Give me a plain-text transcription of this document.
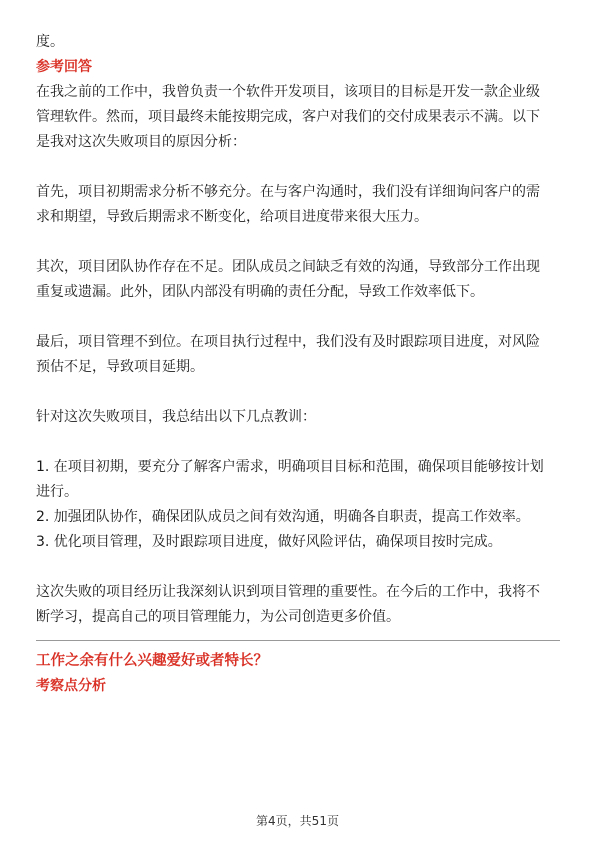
度。
参考回答
在我之前的工作中，我曾负责一个软件开发项目，该项目的目标是开发一款企业级
管理软件。然而，项目最终未能按期完成，客户对我们的交付成果表示不满。以下
是我对这次失败项目的原因分析：
首先，项目初期需求分析不够充分。在与客户沟通时，我们没有详细询问客户的需
求和期望，导致后期需求不断变化，给项目进度带来很大压力。
其次，项目团队协作存在不足。团队成员之间缺乏有效的沟通，导致部分工作出现
重复或遗漏。此外，团队内部没有明确的责任分配，导致工作效率低下。
最后，项目管理不到位。在项目执行过程中，我们没有及时跟踪项目进度，对风险
预估不足，导致项目延期。
针对这次失败项目，我总结出以下几点教训：
1. 在项目初期，要充分了解客户需求，明确项目目标和范围，确保项目能够按计划
进行。
2. 加强团队协作，确保团队成员之间有效沟通，明确各自职责，提高工作效率。
3. 优化项目管理，及时跟踪项目进度，做好风险评估，确保项目按时完成。
这次失败的项目经历让我深刻认识到项目管理的重要性。在今后的工作中，我将不
断学习，提高自己的项目管理能力，为公司创造更多价值。
工作之余有什么兴趣爱好或者特长？
考察点分析
第4页，共51页
